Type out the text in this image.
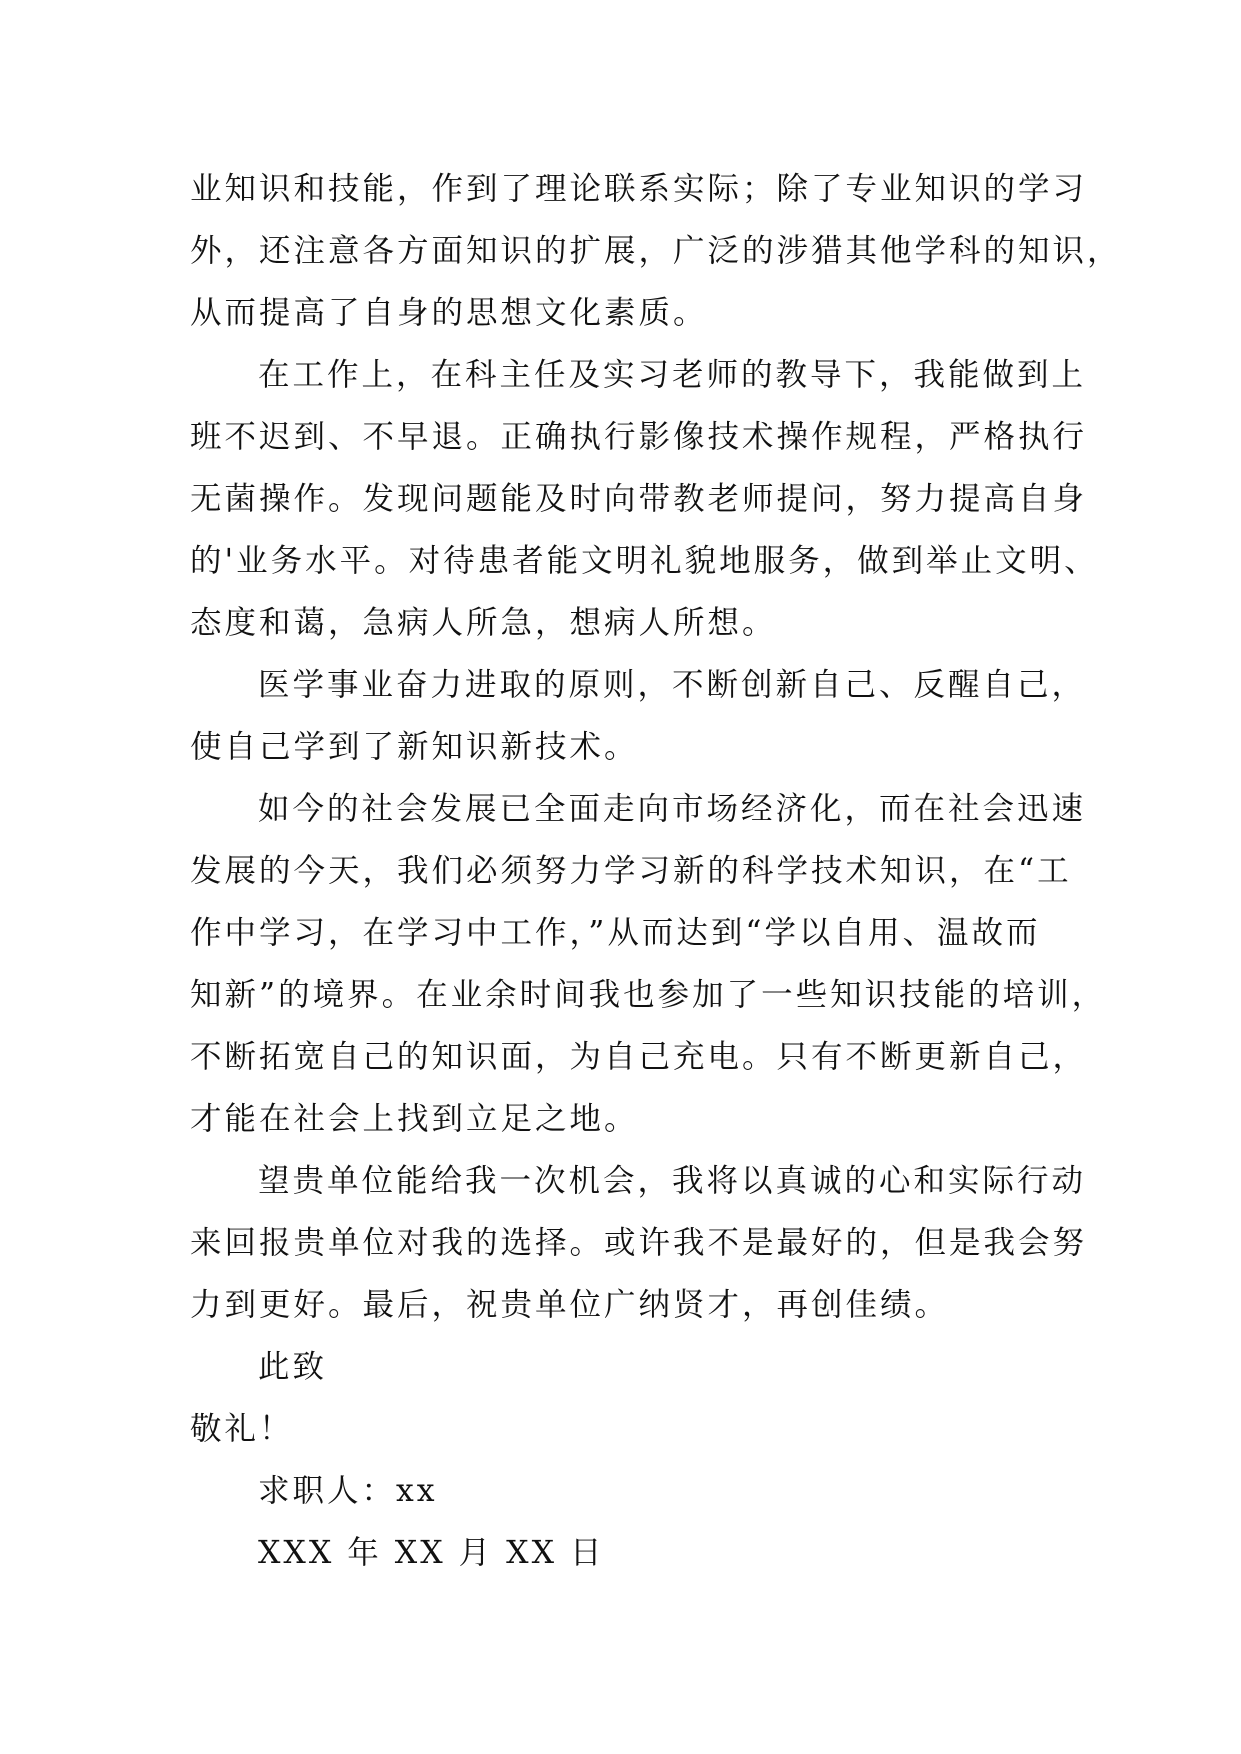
业知识和技能，作到了理论联系实际；除了专业知识的学习
外，还注意各方面知识的扩展，广泛的涉猎其他学科的知识，
从而提高了自身的思想文化素质。
在工作上，在科主任及实习老师的教导下，我能做到上
班不迟到、不早退。正确执行影像技术操作规程，严格执行
无菌操作。发现问题能及时向带教老师提问，努力提高自身
的'业务水平。对待患者能文明礼貌地服务，做到举止文明、
态度和蔼，急病人所急，想病人所想。
医学事业奋力进取的原则，不断创新自己、反醒自己，
使自己学到了新知识新技术。
如今的社会发展已全面走向市场经济化，而在社会迅速
发展的今天，我们必须努力学习新的科学技术知识，在“工
作中学习，在学习中工作，”从而达到“学以自用、温故而
知新”的境界。在业余时间我也参加了一些知识技能的培训，
不断拓宽自己的知识面，为自己充电。只有不断更新自己，
才能在社会上找到立足之地。
望贵单位能给我一次机会，我将以真诚的心和实际行动
来回报贵单位对我的选择。或许我不是最好的，但是我会努
力到更好。最后，祝贵单位广纳贤才，再创佳绩。
此致
敬礼！
求职人：xx
XXX 年 XX 月 XX 日
